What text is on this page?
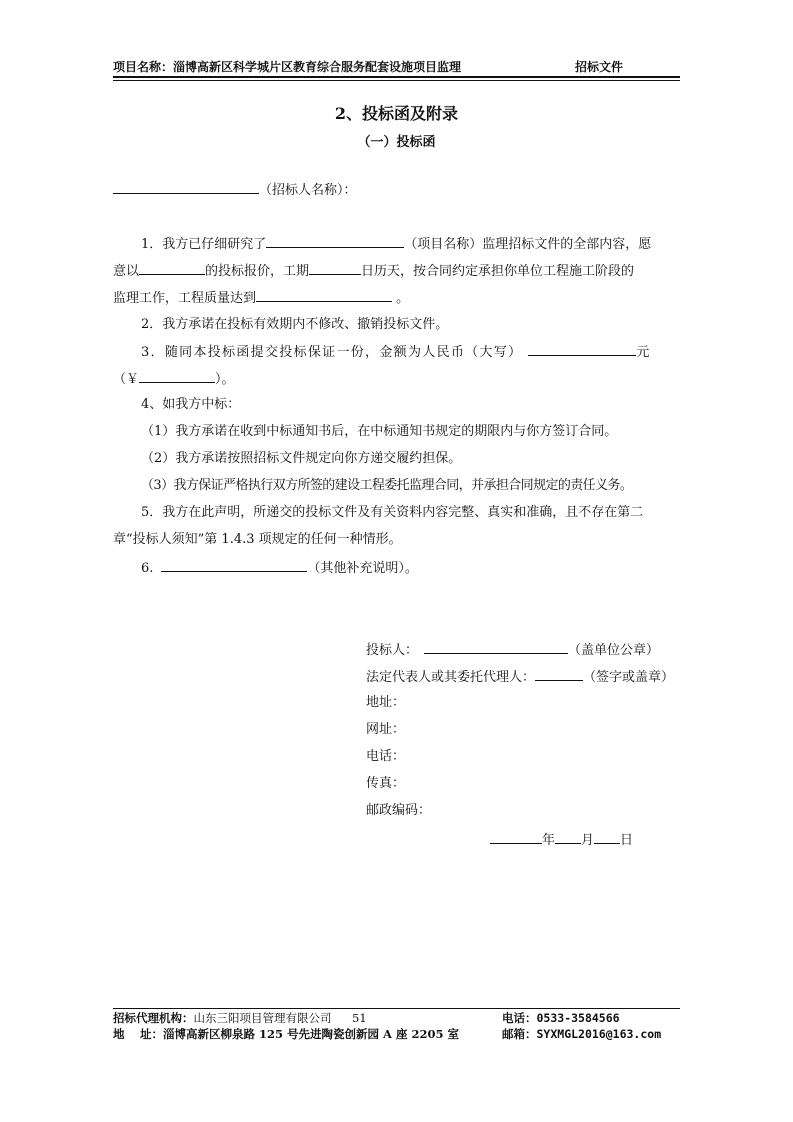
项目名称：淄博高新区科学城片区教育综合服务配套设施项目监理	招标文件
2、投标函及附录
（一）投标函
（招标人名称）：
1．我方已仔细研究了	（项目名称）监理招标文件的全部内容，愿
意以	的投标报价，工期	日历天，按合同约定承担你单位工程施工阶段的
监理工作，工程质量达到	。
2．我方承诺在投标有效期内不修改、撤销投标文件。
3．随同本投标函提交投标保证一份，金额为人民币（大写）	元
（￥	）。
4、如我方中标：
（1）我方承诺在收到中标通知书后，在中标通知书规定的期限内与你方签订合同。
（2）我方承诺按照招标文件规定向你方递交履约担保。
（3）我方保证严格执行双方所签的建设工程委托监理合同，并承担合同规定的责任义务。
5．我方在此声明，所递交的投标文件及有关资料内容完整、真实和准确，且不存在第二
章“投标人须知”第 1.4.3 项规定的任何一种情形。
6.	（其他补充说明）。
投标人：	（盖单位公章）
法定代表人或其委托代理人：	（签字或盖章）
地址：
网址：
电话：
传真：
邮政编码：
年 月 日
招标代理机构：山东三阳项目管理有限公司 51	电话：0533-3584566
地　 址：淄博高新区柳泉路 125 号先进陶瓷创新园 A 座 2205 室	邮箱：SYXMGL2016@163.com
